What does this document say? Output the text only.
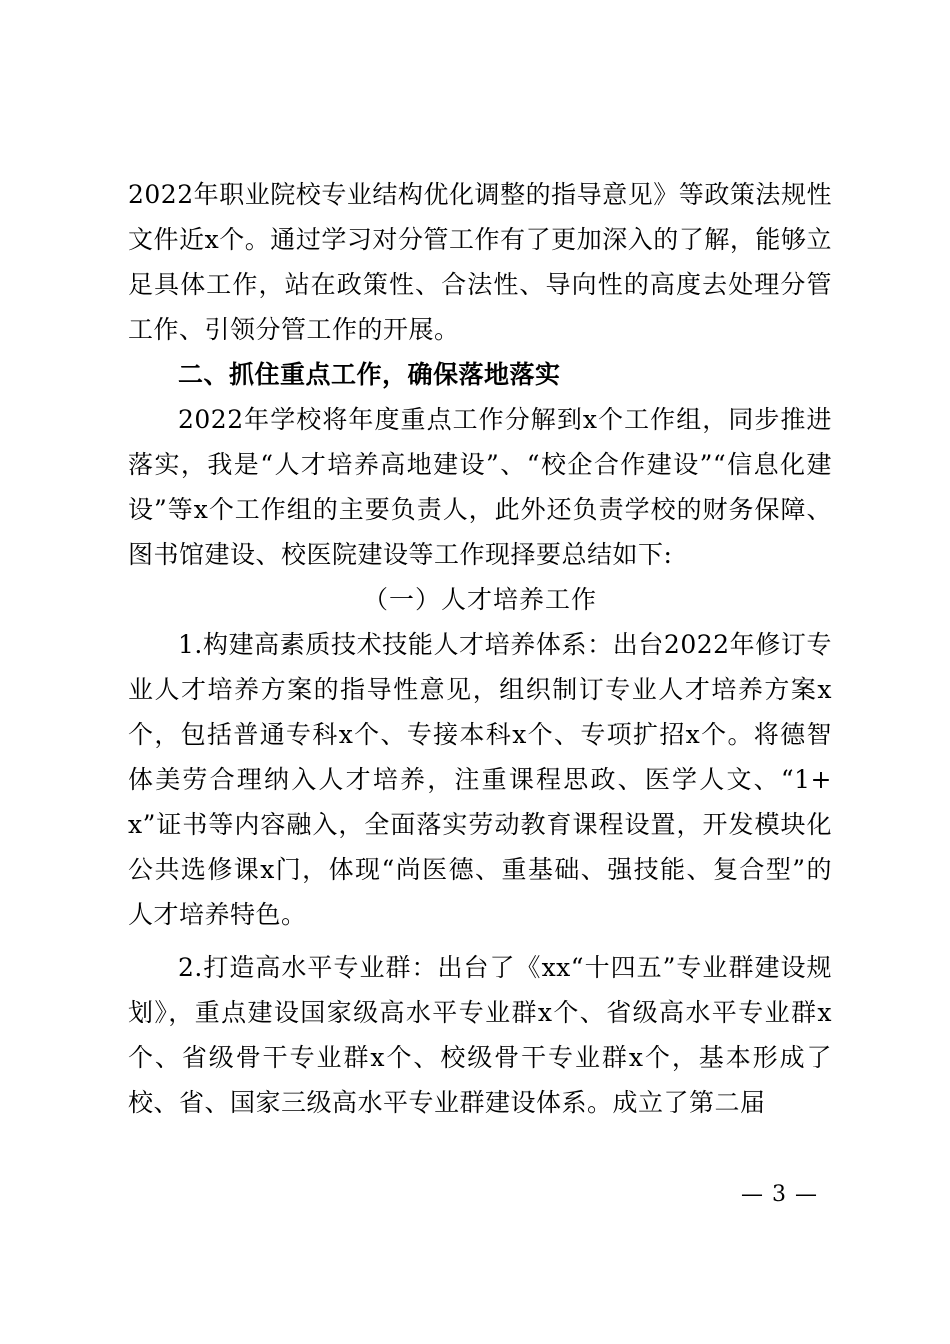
2022年职业院校专业结构优化调整的指导意见》等政策法规性文件近x个。通过学习对分管工作有了更加深入的了解，能够立足具体工作，站在政策性、合法性、导向性的高度去处理分管工作、引领分管工作的开展。

二、抓住重点工作，确保落地落实

2022年学校将年度重点工作分解到x个工作组，同步推进落实，我是“人才培养高地建设”、“校企合作建设”“信息化建设”等x个工作组的主要负责人，此外还负责学校的财务保障、图书馆建设、校医院建设等工作现择要总结如下:

（一）人才培养工作

1.构建高素质技术技能人才培养体系：出台2022年修订专业人才培养方案的指导性意见，组织制订专业人才培养方案x个，包括普通专科x个、专接本科x个、专项扩招x个。将德智体美劳合理纳入人才培养，注重课程思政、医学人文、“1+x”证书等内容融入，全面落实劳动教育课程设置，开发模块化公共选修课x门，体现“尚医德、重基础、强技能、复合型”的人才培养特色。

2.打造高水平专业群：出台了《xx“十四五”专业群建设规划》，重点建设国家级高水平专业群x个、省级高水平专业群x个、省级骨干专业群x个、校级骨干专业群x个，基本形成了校、省、国家三级高水平专业群建设体系。成立了第二届

— 3 —
